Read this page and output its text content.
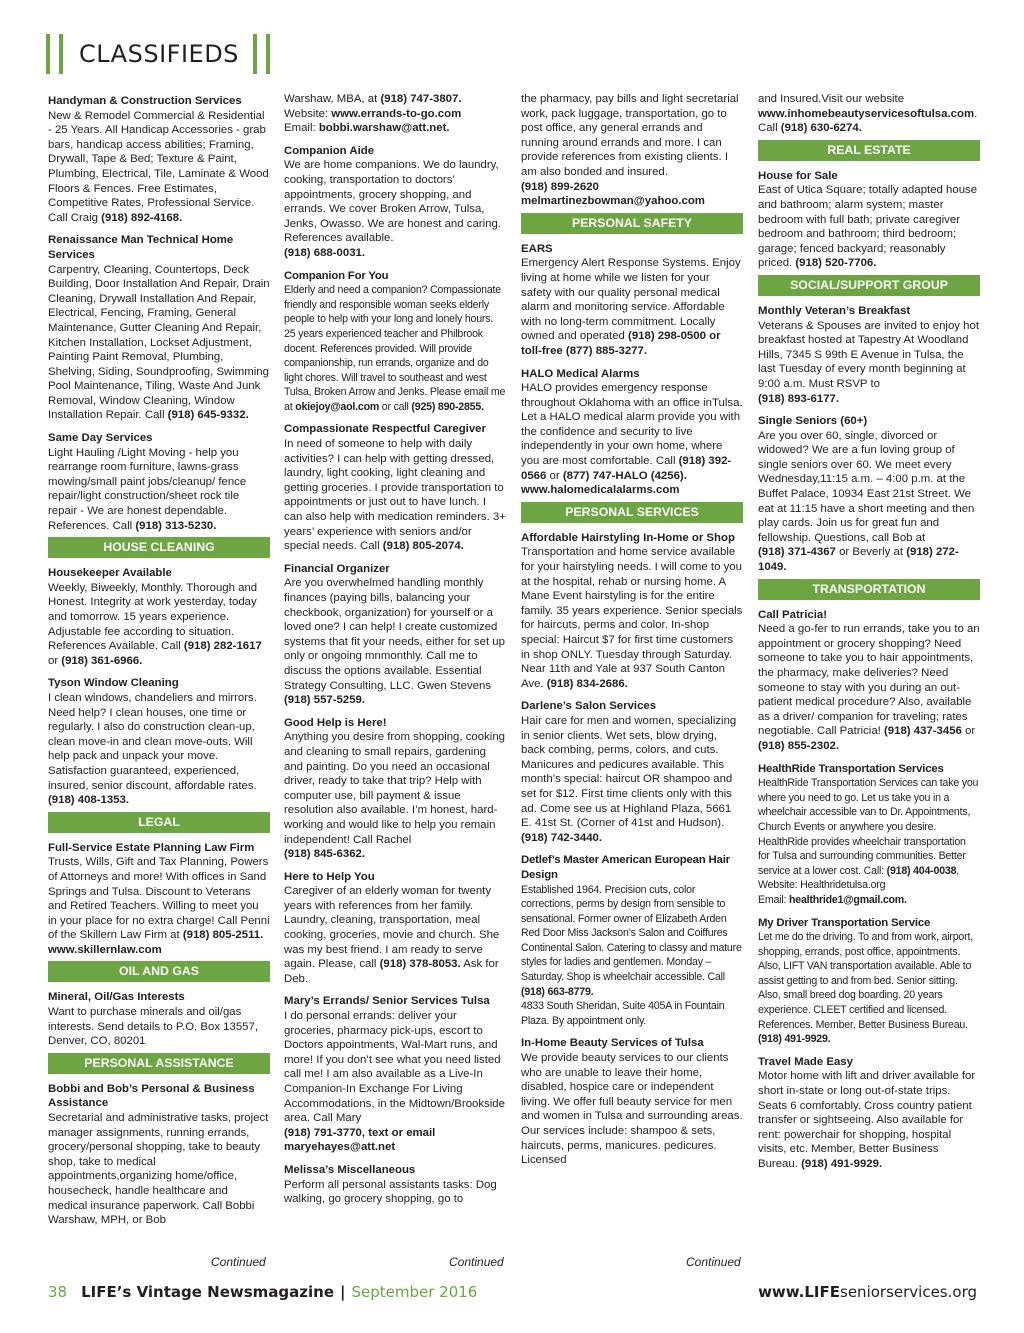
CLASSIFIEDS

Handyman & Construction Services
New & Remodel Commercial & Residential - 25 Years. All Handicap Accessories - grab bars, handicap access abilities; Framing, Drywall, Tape & Bed; Texture & Paint, Plumbing, Electrical, Tile, Laminate & Wood Floors & Fences. Free Estimates, Competitive Rates, Professional Service. Call Craig (918) 892-4168.

Renaissance Man Technical Home Services
Carpentry, Cleaning, Countertops, Deck Building, Door Installation And Repair, Drain Cleaning, Drywall Installation And Repair, Electrical, Fencing, Framing, General Maintenance, Gutter Cleaning And Repair, Kitchen Installation, Lockset Adjustment, Painting Paint Removal, Plumbing, Shelving, Siding, Soundproofing, Swimming Pool Maintenance, Tiling, Waste And Junk Removal, Window Cleaning, Window Installation Repair. Call (918) 645-9332.

Same Day Services
Light Hauling /Light Moving - help you rearrange room furniture, lawns-grass mowing/small paint jobs/cleanup/ fence repair/light construction/sheet rock tile repair - We are honest dependable. References. Call (918) 313-5230.

HOUSE CLEANING

Housekeeper Available
Weekly, Biweekly, Monthly. Thorough and Honest. Integrity at work yesterday, today and tomorrow. 15 years experience. Adjustable fee according to situation. References Available. Call (918) 282-1617 or (918) 361-6966.

Tyson Window Cleaning
I clean windows, chandeliers and mirrors. Need help? I clean houses, one time or regularly. I also do construction clean-up, clean move-in and clean move-outs. Will help pack and unpack your move. Satisfaction guaranteed, experienced, insured, senior discount, affordable rates.
(918) 408-1353.

LEGAL

Full-Service Estate Planning Law Firm
Trusts, Wills, Gift and Tax Planning, Powers of Attorneys and more! With offices in Sand Springs and Tulsa. Discount to Veterans and Retired Teachers. Willing to meet you in your place for no extra charge! Call Penni of the Skillern Law Firm at (918) 805-2511. www.skillernlaw.com

OIL AND GAS

Mineral, Oil/Gas Interests
Want to purchase minerals and oil/gas interests. Send details to P.O. Box 13557, Denver, CO, 80201

PERSONAL ASSISTANCE

Bobbi and Bob’s Personal & Business Assistance
Secretarial and administrative tasks, project manager assignments, running errands, grocery/personal shopping, take to beauty shop, take to medical appointments,organizing home/office, housecheck, handle healthcare and medical insurance paperwork. Call Bobbi Warshaw, MPH, or Bob

Warshaw, MBA, at (918) 747-3807.
Website: www.errands-to-go.com
Email: bobbi.warshaw@att.net.

Companion Aide
We are home companions. We do laundry, cooking, transportation to doctors’ appointments, grocery shopping, and errands. We cover Broken Arrow, Tulsa, Jenks, Owasso. We are honest and caring. References available.
(918) 688-0031.

Companion For You
Elderly and need a companion? Compassionate friendly and responsible woman seeks elderly people to help with your long and lonely hours. 25 years experienced teacher and Philbrook docent. References provided. Will provide companionship, run errands, organize and do light chores. Will travel to southeast and west Tulsa, Broken Arrow and Jenks. Please email me at okiejoy@aol.com or call (925) 890-2855.

Compassionate Respectful Caregiver
In need of someone to help with daily activities? I can help with getting dressed, laundry, light cooking, light cleaning and getting groceries. I provide transportation to appointments or just out to have lunch. I can also help with medication reminders. 3+ years’ experience with seniors and/or special needs. Call (918) 805-2074.

Financial Organizer
Are you overwhelmed handling monthly finances (paying bills, balancing your checkbook, organization) for yourself or a loved one? I can help! I create customized systems that fit your needs, either for set up only or ongoing mnmonthly. Call me to discuss the options available. Essential Strategy Consulting, LLC. Gwen Stevens
(918) 557-5259.

Good Help is Here!
Anything you desire from shopping, cooking and cleaning to small repairs, gardening and painting. Do you need an occasional driver, ready to take that trip? Help with computer use, bill payment & issue resolution also available. I’m honest, hard-working and would like to help you remain independent! Call Rachel
(918) 845-6362.

Here to Help You
Caregiver of an elderly woman for twenty years with references from her family. Laundry, cleaning, transportation, meal cooking, groceries, movie and church. She was my best friend. I am ready to serve again. Please, call (918) 378-8053. Ask for Deb.

Mary’s Errands/ Senior Services Tulsa
I do personal errands: deliver your groceries, pharmacy pick-ups, escort to Doctors appointments, Wal-Mart runs, and more! If you don’t see what you need listed call me! I am also available as a Live-In Companion-In Exchange For Living Accommodations, in the Midtown/Brookside area. Call Mary
(918) 791-3770, text or email maryehayes@att.net

Melissa’s Miscellaneous
Perform all personal assistants tasks: Dog walking, go grocery shopping, go to

the pharmacy, pay bills and light secretarial work, pack luggage, transportation, go to post office, any general errands and running around errands and more. I can provide references from existing clients. I am also bonded and insured.
(918) 899-2620
melmartinezbowman@yahoo.com

PERSONAL SAFETY

EARS
Emergency Alert Response Systems. Enjoy living at home while we listen for your safety with our quality personal medical alarm and monitoring service. Affordable with no long-term commitment. Locally owned and operated (918) 298-0500 or toll-free (877) 885-3277.

HALO Medical Alarms
HALO provides emergency response throughout Oklahoma with an office inTulsa. Let a HALO medical alarm provide you with the confidence and security to live independently in your own home, where you are most comfortable. Call (918) 392-0566 or (877) 747-HALO (4256). www.halomedicalalarms.com

PERSONAL SERVICES

Affordable Hairstyling In-Home or Shop
Transportation and home service available for your hairstyling needs. I will come to you at the hospital, rehab or nursing home. A Mane Event hairstyling is for the entire family. 35 years experience. Senior specials for haircuts, perms and color. In-shop special: Haircut $7 for first time customers in shop ONLY. Tuesday through Saturday. Near 11th and Yale at 937 South Canton Ave. (918) 834-2686.

Darlene’s Salon Services
Hair care for men and women, specializing in senior clients. Wet sets, blow drying, back combing, perms, colors, and cuts. Manicures and pedicures available. This month’s special: haircut OR shampoo and set for $12. First time clients only with this ad. Come see us at Highland Plaza, 5661 E. 41st St. (Corner of 41st and Hudson). (918) 742-3440.

Detlef’s Master American European Hair Design
Established 1964. Precision cuts, color corrections, perms by design from sensible to sensational. Former owner of Elizabeth Arden Red Door Miss Jackson’s Salon and Coiffures Continental Salon. Catering to classy and mature styles for ladies and gentlemen. Monday – Saturday. Shop is wheelchair accessible. Call (918) 663-8779.
4833 South Sheridan, Suite 405A in Fountain Plaza. By appointment only.

In-Home Beauty Services of Tulsa
We provide beauty services to our clients who are unable to leave their home, disabled, hospice care or independent living. We offer full beauty service for men and women in Tulsa and surrounding areas. Our services include: shampoo & sets, haircuts, perms, manicures. pedicures. Licensed

and Insured.Visit our website www.inhomebeautyservicesoftulsa.com. Call (918) 630-6274.

REAL ESTATE

House for Sale
East of Utica Square; totally adapted house and bathroom; alarm system; master bedroom with full bath; private caregiver bedroom and bathroom; third bedroom; garage; fenced backyard; reasonably priced. (918) 520-7706.

SOCIAL/SUPPORT GROUP

Monthly Veteran’s Breakfast
Veterans & Spouses are invited to enjoy hot breakfast hosted at Tapestry At Woodland Hills, 7345 S 99th E Avenue in Tulsa, the last Tuesday of every month beginning at 9:00 a.m. Must RSVP to
(918) 893-6177.

Single Seniors (60+)
Are you over 60, single, divorced or widowed? We are a fun loving group of single seniors over 60. We meet every Wednesday,11:15 a.m. – 4:00 p.m. at the Buffet Palace, 10934 East 21st Street. We eat at 11:15 have a short meeting and then play cards. Join us for great fun and fellowship. Questions, call Bob at
(918) 371-4367 or Beverly at (918) 272-1049.

TRANSPORTATION

Call Patricia!
Need a go-fer to run errands, take you to an appointment or grocery shopping? Need someone to take you to hair appointments, the pharmacy, make deliveries? Need someone to stay with you during an out-patient medical procedure? Also, available as a driver/ companion for traveling; rates negotiable. Call Patricia! (918) 437-3456 or (918) 855-2302.

HealthRide Transportation Services
HealthRide Transportation Services can take you where you need to go. Let us take you in a wheelchair accessible van to Dr. Appointments, Church Events or anywhere you desire. HealthRide provides wheelchair transportation for Tulsa and surrounding communities. Better service at a lower cost. Call: (918) 404-0038, Website: Healthridetulsa.org
Email: healthride1@gmail.com.

My Driver Transportation Service
Let me do the driving. To and from work, airport, shopping, errands, post office, appointments. Also, LIFT VAN transportation available. Able to assist getting to and from bed. Senior sitting. Also, small breed dog boarding. 20 years experience. CLEET certified and licensed. References. Member, Better Business Bureau. (918) 491-9929.

Travel Made Easy
Motor home with lift and driver available for short in-state or long out-of-state trips. Seats 6 comfortably. Cross country patient transfer or sightseeing. Also available for rent: powerchair for shopping, hospital visits, etc. Member, Better Business Bureau. (918) 491-9929.

Continued	Continued	Continued
38 LIFE’s Vintage Newsmagazine | September 2016	www.LIFEseniorservices.org
